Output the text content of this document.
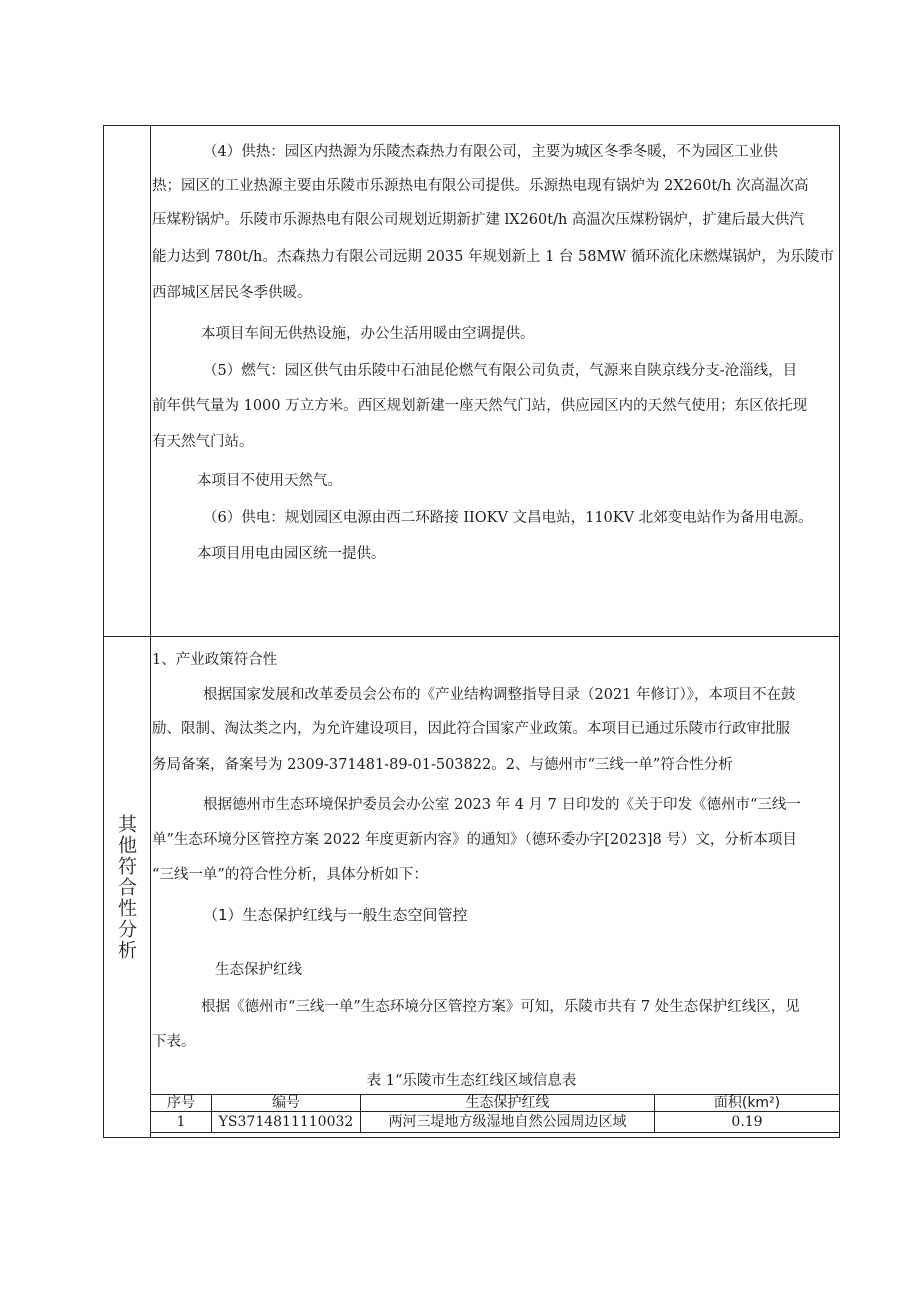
（4）供热：园区内热源为乐陵杰森热力有限公司，主要为城区冬季冬暖，不为园区工业供
热；园区的工业热源主要由乐陵市乐源热电有限公司提供。乐源热电现有锅炉为 2X260t/h 次高温次高
压煤粉锅炉。乐陵市乐源热电有限公司规划近期新扩建 lX260t/h 高温次压煤粉锅炉，扩建后最大供汽
能力达到 780t/h。杰森热力有限公司远期 2035 年规划新上 1 台 58MW 循环流化床燃煤锅炉，为乐陵市
西部城区居民冬季供暖。
本项目车间无供热设施，办公生活用暖由空调提供。
（5）燃气：园区供气由乐陵中石油昆伦燃气有限公司负责，气源来自陕京线分支-沧淄线，目
前年供气量为 1000 万立方米。西区规划新建一座天然气门站，供应园区内的天然气使用；东区依托现
有天然气门站。
本项目不使用天然气。
（6）供电：规划园区电源由西二环路接 IIOKV 文昌电站，110KV 北郊变电站作为备用电源。
本项目用电由园区统一提供。
其他符合性分析
1、产业政策符合性
根据国家发展和改革委员会公布的《产业结构调整指导目录（2021 年修订）》，本项目不在鼓
励、限制、淘汰类之内，为允许建设项目，因此符合国家产业政策。本项目已通过乐陵市行政审批服
务局备案，备案号为 2309-371481-89-01-503822。2、与德州市“三线一单”符合性分析
根据德州市生态环境保护委员会办公室 2023 年 4 月 7 日印发的《关于印发《德州市“三线一
单”生态环境分区管控方案 2022 年度更新内容》的通知》（德环委办字[2023]8 号）文，分析本项目
“三线一单”的符合性分析，具体分析如下：
（1）生态保护红线与一般生态空间管控
生态保护红线
根据《德州市“三线一单”生态环境分区管控方案》可知，乐陵市共有 7 处生态保护红线区，见
下表。
表 1“乐陵市生态红线区域信息表
序号	编号	生态保护红线	面积(km²)
1	YS3714811110032	两河三堤地方级湿地自然公园周边区域	0.19
